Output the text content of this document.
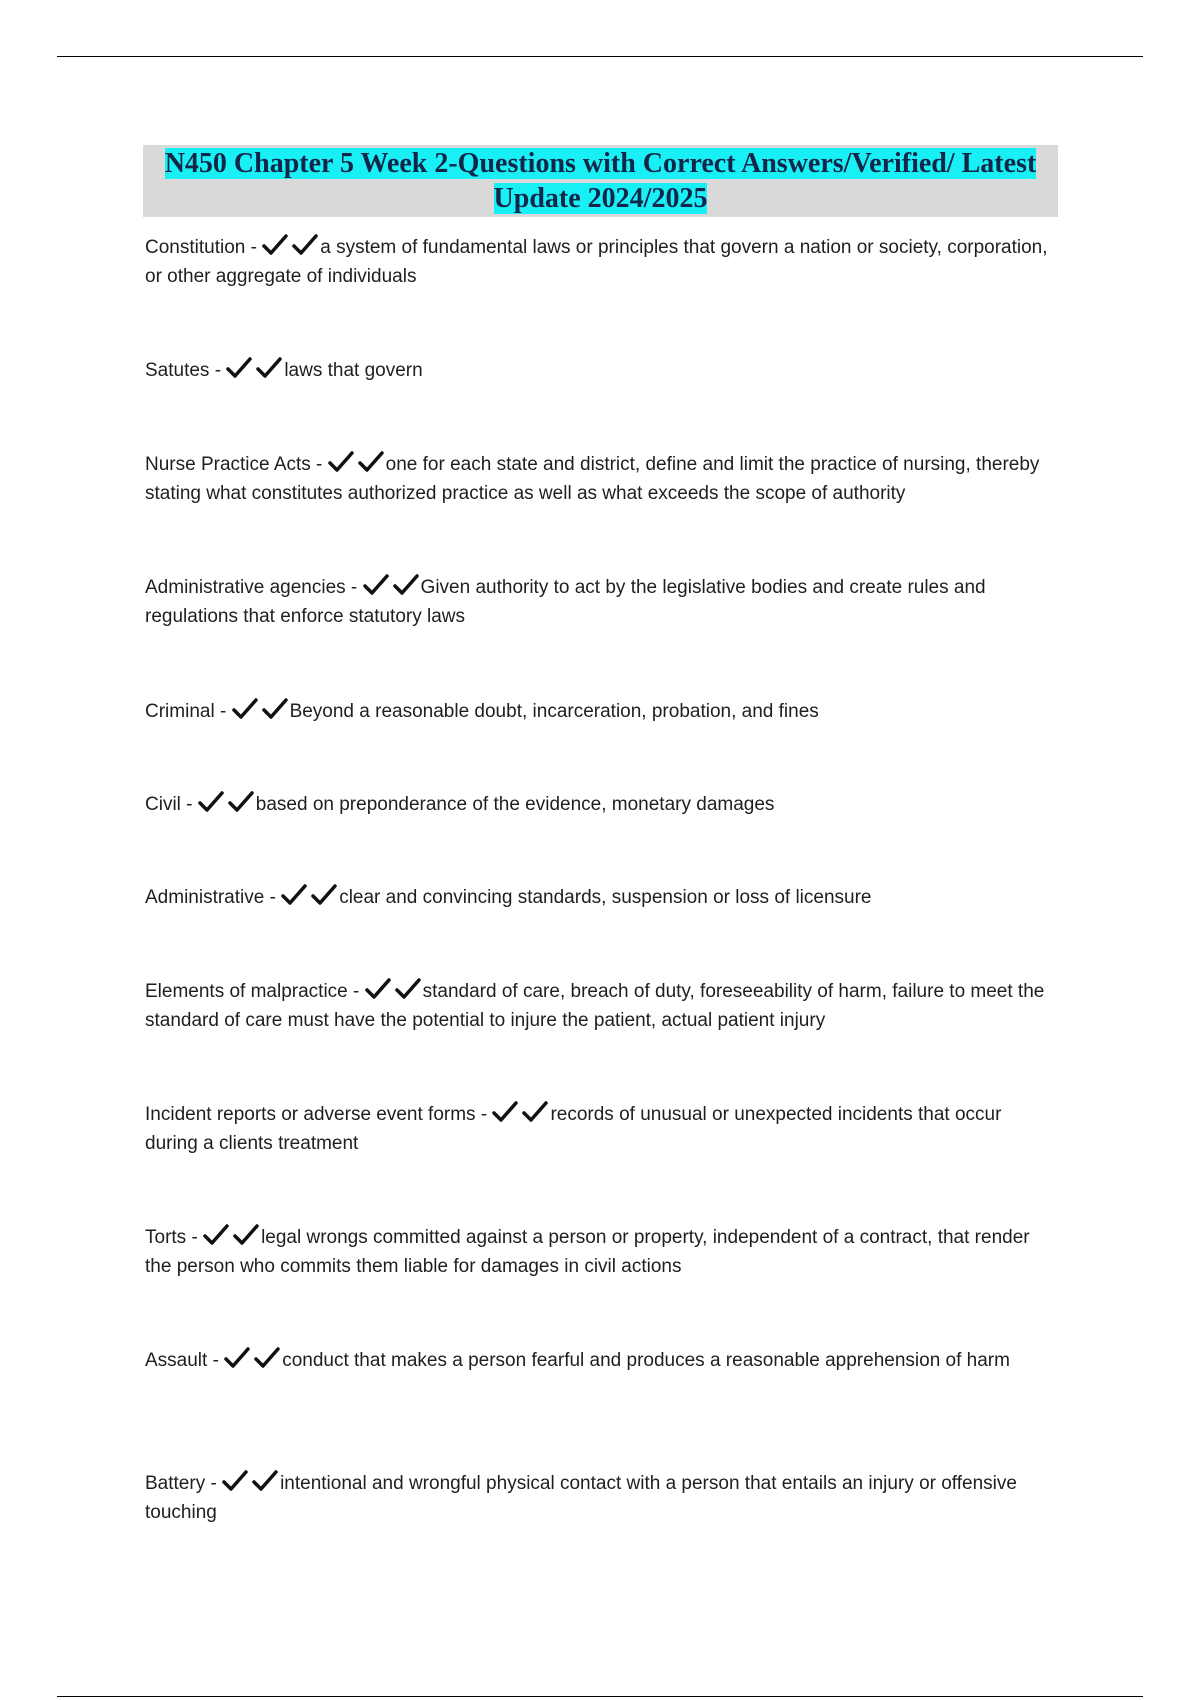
N450 Chapter 5 Week 2-Questions with Correct Answers/Verified/ Latest
Update 2024/2025
Constitution -	a system of fundamental laws or principles that govern a nation or society, corporation, or other aggregate of individuals
Satutes -	laws that govern
Nurse Practice Acts -	one for each state and district, define and limit the practice of nursing, thereby stating what constitutes authorized practice as well as what exceeds the scope of authority
Administrative agencies -	Given authority to act by the legislative bodies and create rules and regulations that enforce statutory laws
Criminal -	Beyond a reasonable doubt, incarceration, probation, and fines
Civil -	based on preponderance of the evidence, monetary damages
Administrative -	clear and convincing standards, suspension or loss of licensure
Elements of malpractice -	standard of care, breach of duty, foreseeability of harm, failure to meet the standard of care must have the potential to injure the patient, actual patient injury
Incident reports or adverse event forms -	records of unusual or unexpected incidents that occur during a clients treatment
Torts -	legal wrongs committed against a person or property, independent of a contract, that render the person who commits them liable for damages in civil actions
Assault -	conduct that makes a person fearful and produces a reasonable apprehension of harm
Battery -	intentional and wrongful physical contact with a person that entails an injury or offensive touching
